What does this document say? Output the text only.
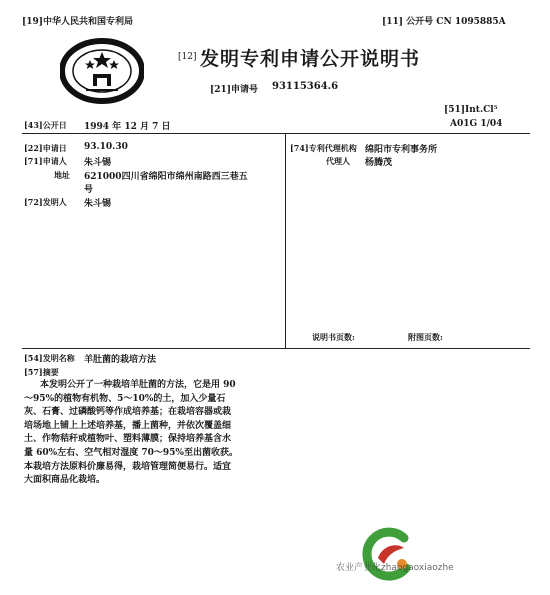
[19]中华人民共和国专利局	[11] 公开号 CN 1095885A
[12] 发明专利申请公开说明书
[21]申请号 93115364.6
[51]Int.Cl⁵
A01G 1/04
[43]公开日 1994 年 12 月 7 日
[22]申请日 93.10.30
[71]申请人 朱斗锡
地址 621000四川省绵阳市绵州南路西三巷五
号
[72]发明人 朱斗锡
[74]专利代理机构 绵阳市专利事务所
代理人 杨腾茂
说明书页数:	附图页数:
[54]发明名称 羊肚菌的栽培方法
[57]摘要
本发明公开了一种栽培羊肚菌的方法，它是用 90
～95%的植物有机物、5～10%的土，加入少量石
灰、石膏、过磷酸钙等作成培养基；在栽培容器或栽
培场地上铺上上述培养基，播上菌种，并依次覆盖细
土、作物秸秆或植物叶、塑料薄膜；保持培养基含水
量 60%左右、空气相对湿度 70～95%至出菌收获。
本栽培方法原料价廉易得，栽培管理简便易行。适宜
大面积商品化栽培。
农业产业化zhaogaoxiaozhe
